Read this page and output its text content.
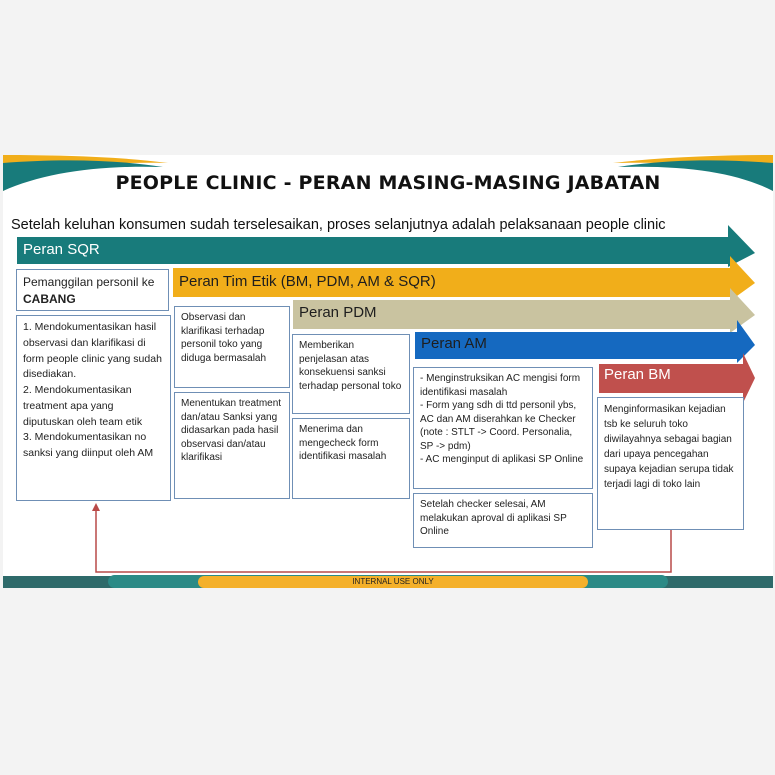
PEOPLE CLINIC - PERAN MASING-MASING JABATAN
Setelah keluhan konsumen sudah terselesaikan, proses selanjutnya adalah pelaksanaan people clinic
Peran SQR
Peran Tim Etik (BM, PDM, AM & SQR)
Peran PDM
Peran AM
Peran BM
Pemanggilan personil ke CABANG
1. Mendokumentasikan hasil observasi dan klarifikasi di form people clinic yang sudah disediakan.
2. Mendokumentasikan treatment apa yang diputuskan oleh team etik
3. Mendokumentasikan no sanksi yang diinput oleh AM
Observasi dan klarifikasi terhadap personil toko yang diduga bermasalah
Menentukan treatment dan/atau Sanksi yang didasarkan pada hasil observasi dan/atau klarifikasi
Memberikan penjelasan atas konsekuensi sanksi terhadap personal toko
Menerima dan mengecheck form identifikasi masalah
- Menginstruksikan AC mengisi form identifikasi masalah
- Form yang sdh di ttd personil ybs, AC dan AM diserahkan ke Checker (note : STLT -> Coord. Personalia, SP -> pdm)
- AC menginput di aplikasi SP Online
Setelah checker selesai, AM melakukan aproval di aplikasi SP Online
Menginformasikan kejadian tsb ke seluruh toko diwilayahnya sebagai bagian dari upaya pencegahan supaya kejadian serupa tidak terjadi lagi di toko lain
INTERNAL USE ONLY
